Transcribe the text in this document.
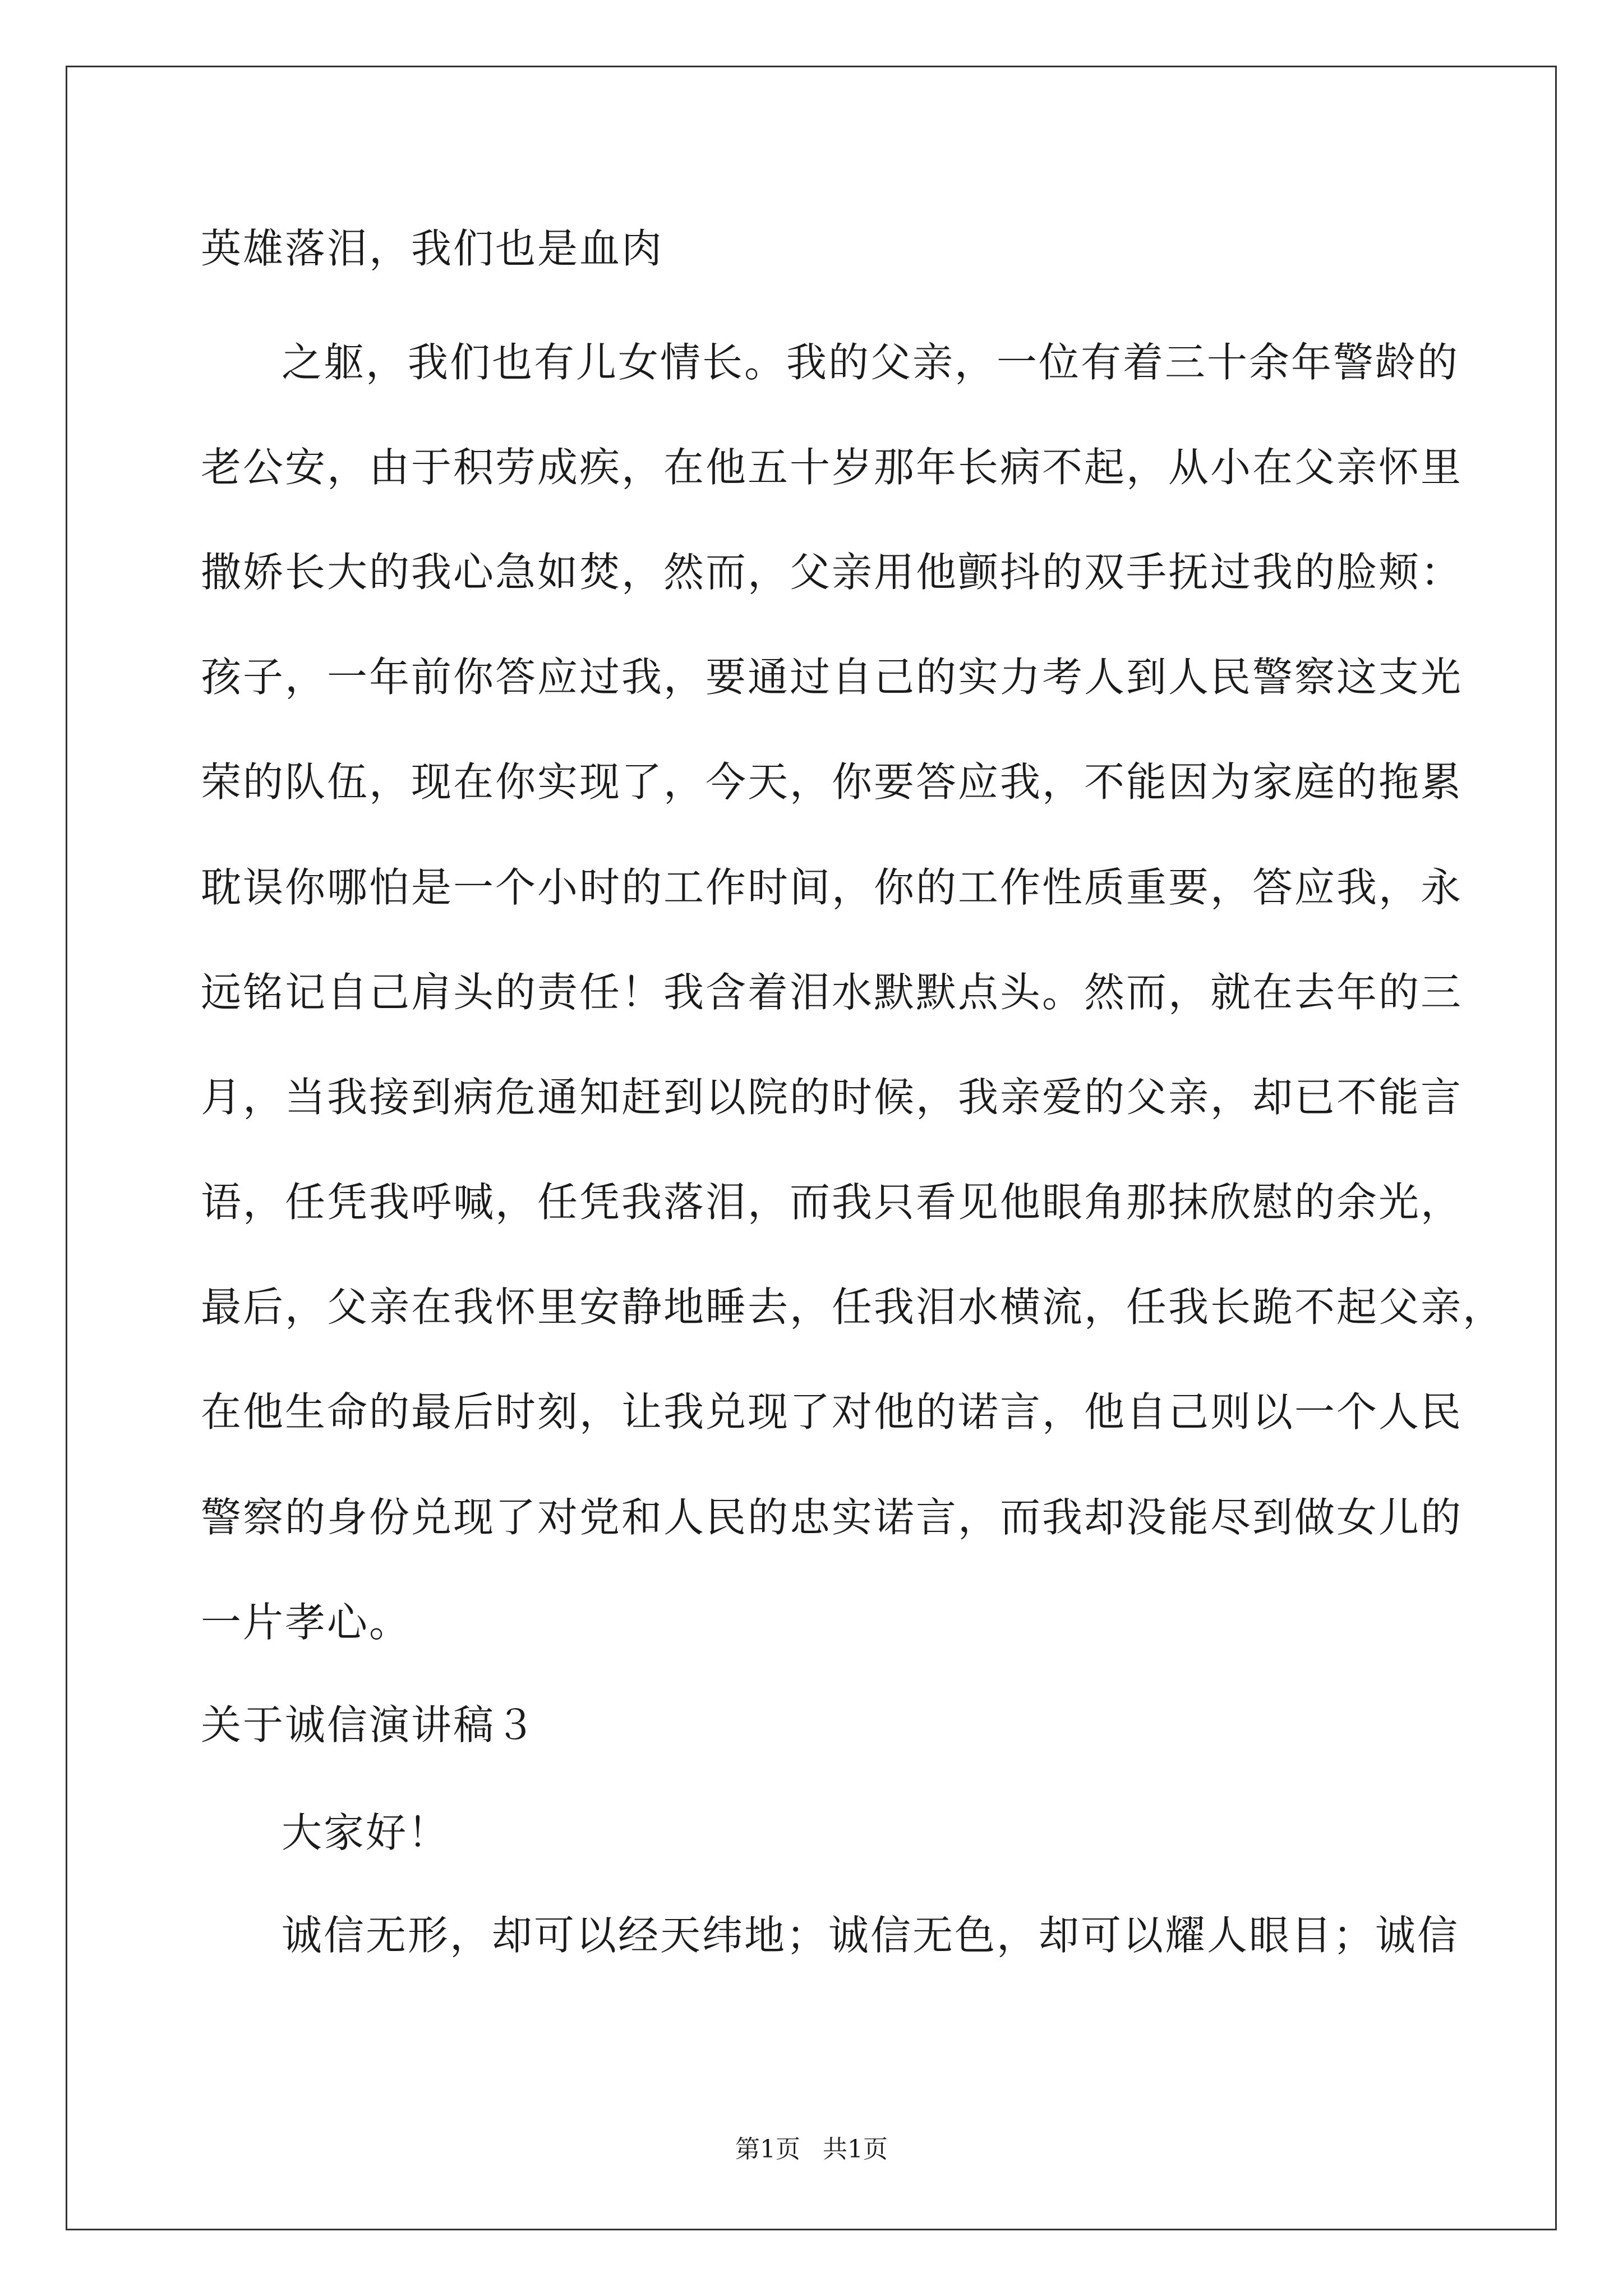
英雄落泪，我们也是血肉
之躯，我们也有儿女情长。我的父亲，一位有着三十余年警龄的
老公安，由于积劳成疾，在他五十岁那年长病不起，从小在父亲怀里
撒娇长大的我心急如焚，然而，父亲用他颤抖的双手抚过我的脸颊：
孩子，一年前你答应过我，要通过自己的实力考人到人民警察这支光
荣的队伍，现在你实现了，今天，你要答应我，不能因为家庭的拖累
耽误你哪怕是一个小时的工作时间，你的工作性质重要，答应我，永
远铭记自己肩头的责任！我含着泪水默默点头。然而，就在去年的三
月，当我接到病危通知赶到以院的时候，我亲爱的父亲，却已不能言
语，任凭我呼喊，任凭我落泪，而我只看见他眼角那抹欣慰的余光，
最后，父亲在我怀里安静地睡去，任我泪水横流，任我长跪不起父亲，
在他生命的最后时刻，让我兑现了对他的诺言，他自己则以一个人民
警察的身份兑现了对党和人民的忠实诺言，而我却没能尽到做女儿的
一片孝心。
关于诚信演讲稿３
大家好！
诚信无形，却可以经天纬地；诚信无色，却可以耀人眼目；诚信
第1页 共1页
